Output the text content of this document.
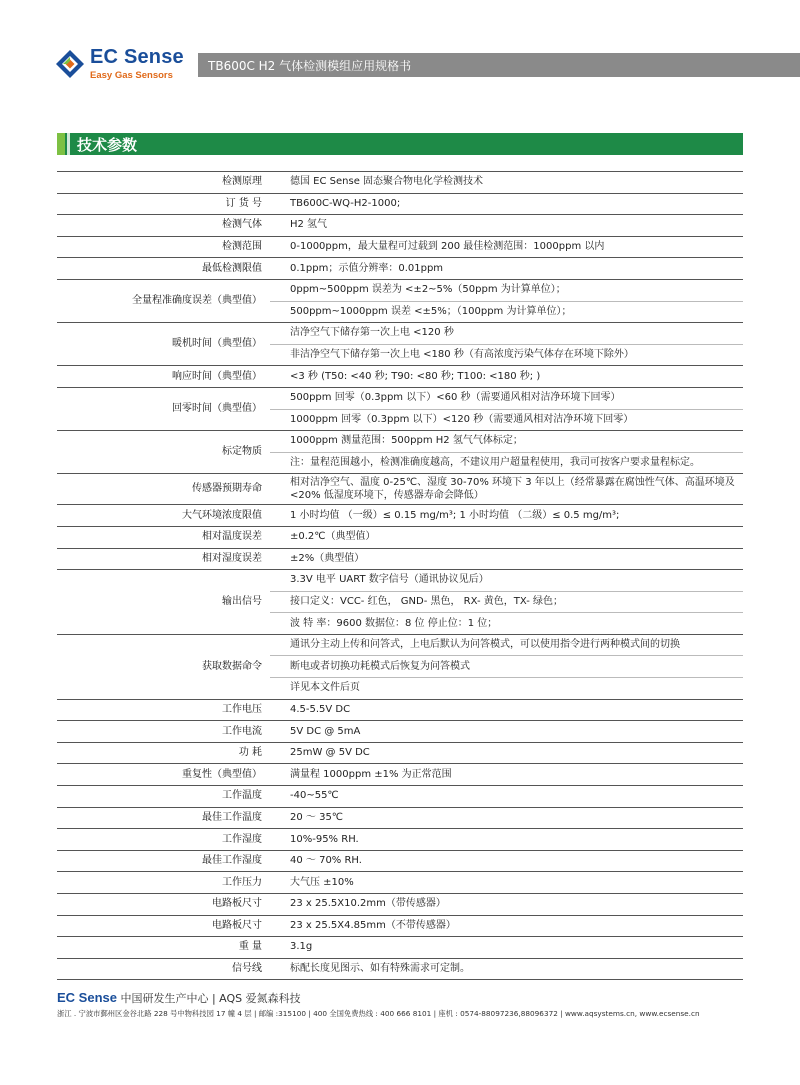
EC Sense
Easy Gas Sensors
TB600C H2 气体检测模组应用规格书
技术参数
检测原理	德国 EC Sense 固态聚合物电化学检测技术
订 货 号	TB600C-WQ-H2-1000;
检测气体	H2 氢气
检测范围	0-1000ppm，最大量程可过载到 200 最佳检测范围：1000ppm 以内
最低检测限值	0.1ppm；示值分辨率：0.01ppm
全量程准确度误差（典型值）	0ppm~500ppm 误差为 <±2~5%（50ppm 为计算单位）；
	500ppm~1000ppm 误差 <±5%；（100ppm 为计算单位）；
暖机时间（典型值）	洁净空气下储存第一次上电 <120 秒
	非洁净空气下储存第一次上电 <180 秒（有高浓度污染气体存在环境下除外）
响应时间（典型值）	<3 秒 (T50: <40 秒; T90: <80 秒; T100: <180 秒; )
回零时间（典型值）	500ppm 回零（0.3ppm 以下）<60 秒（需要通风相对洁净环境下回零）
	1000ppm 回零（0.3ppm 以下）<120 秒（需要通风相对洁净环境下回零）
标定物质	1000ppm 测量范围：500ppm H2 氢气气体标定；
	注：量程范围越小，检测准确度越高，不建议用户超量程使用，我司可按客户要求量程标定。
传感器预期寿命	相对洁净空气、温度 0-25℃、湿度 30-70% 环境下 3 年以上（经常暴露在腐蚀性气体、高温环境及 <20% 低湿度环境下，传感器寿命会降低）
大气环境浓度限值	1 小时均值 （一级）≤ 0.15 mg/m³; 1 小时均值 （二级）≤ 0.5 mg/m³;
相对温度误差	±0.2℃（典型值）
相对湿度误差	±2%（典型值）
输出信号	3.3V 电平 UART 数字信号（通讯协议见后）
	接口定义：VCC- 红色， GND- 黑色， RX- 黄色，TX- 绿色；
	波 特 率：9600 数据位：8 位 停止位：1 位；
获取数据命令	通讯分主动上传和问答式，上电后默认为问答模式，可以使用指令进行两种模式间的切换
	断电或者切换功耗模式后恢复为问答模式
	详见本文件后页
工作电压	4.5-5.5V DC
工作电流	5V DC @ 5mA
功 耗	25mW @ 5V DC
重复性（典型值）	满量程 1000ppm ±1% 为正常范围
工作温度	-40~55℃
最佳工作温度	20 ～ 35℃
工作湿度	10%-95% RH.
最佳工作湿度	40 ～ 70% RH.
工作压力	大气压 ±10%
电路板尺寸	23 x 25.5X10.2mm（带传感器）
电路板尺寸	23 x 25.5X4.85mm（不带传感器）
重 量	3.1g
信号线	标配长度见图示、如有特殊需求可定制。
EC Sense 中国研发生产中心 | AQS 爱氮森科技
浙江 . 宁波市鄞州区金谷北路 228 号中物科技园 17 幢 4 层 | 邮编 :315100 | 400 全国免费热线 : 400 666 8101 | 座机 : 0574-88097236,88096372 | www.aqsystems.cn, www.ecsense.cn
